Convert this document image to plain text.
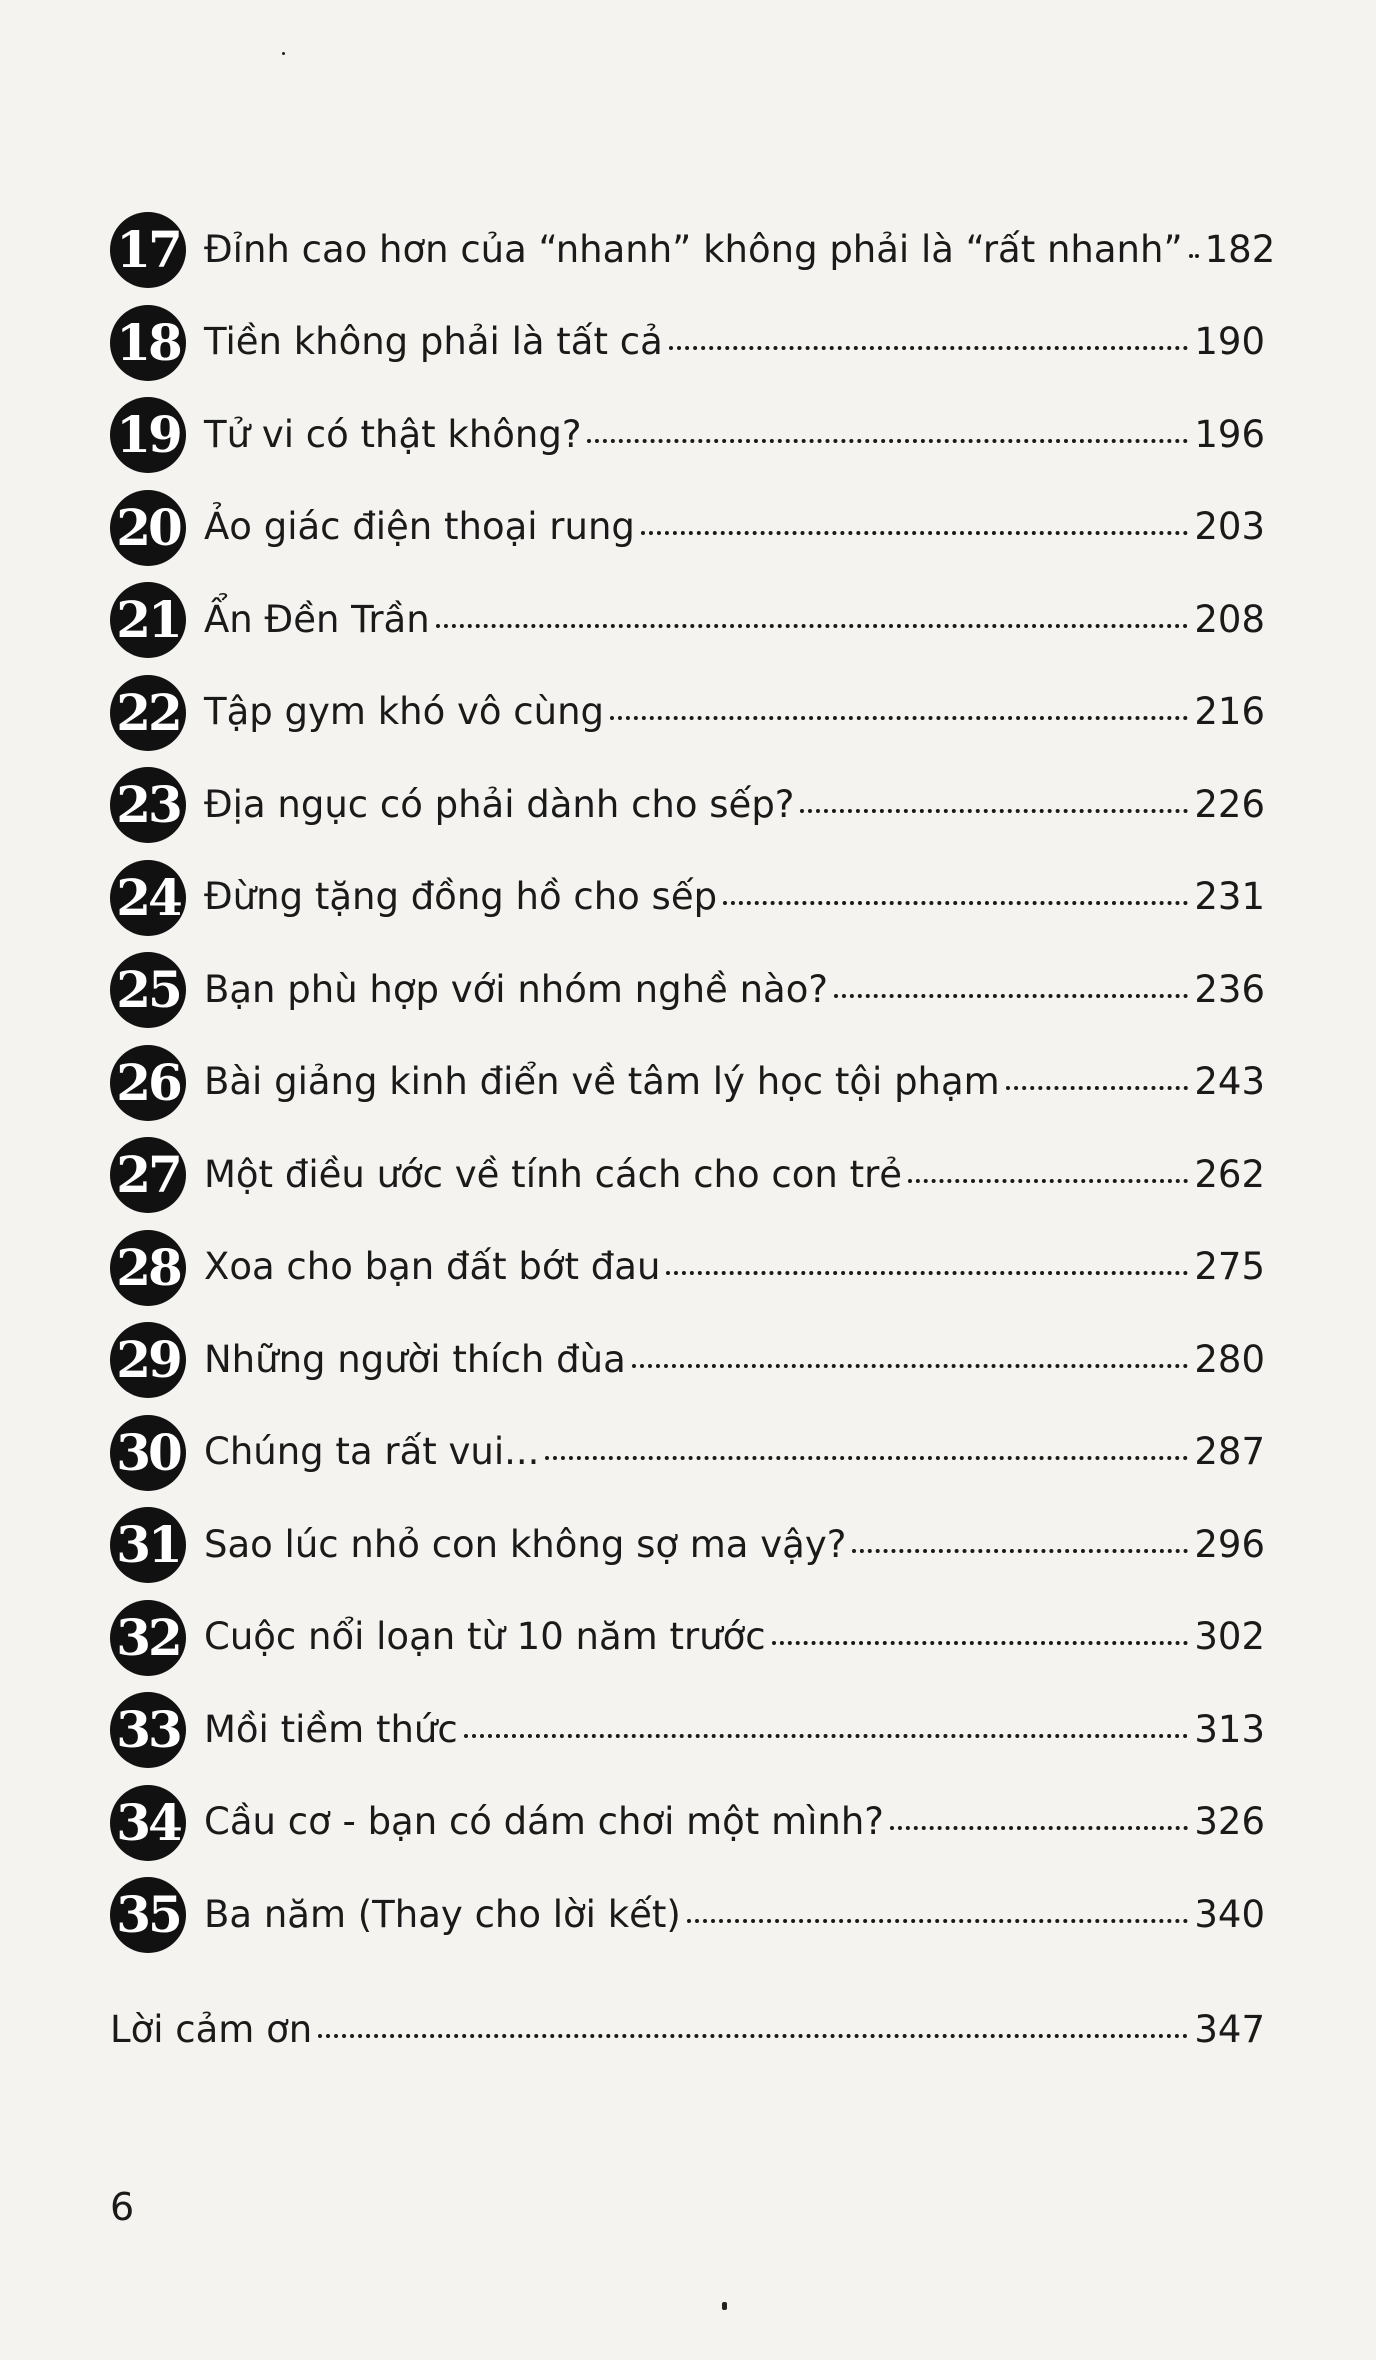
17 Đỉnh cao hơn của “nhanh” không phải là “rất nhanh” 182
18 Tiền không phải là tất cả	190
19 Tử vi có thật không?	196
20 Ảo giác điện thoại rung	203
21 Ẩn Đền Trần	208
22 Tập gym khó vô cùng	216
23 Địa ngục có phải dành cho sếp?	226
24 Đừng tặng đồng hồ cho sếp	231
25 Bạn phù hợp với nhóm nghề nào?	236
26 Bài giảng kinh điển về tâm lý học tội phạm	243
27 Một điều ước về tính cách cho con trẻ	262
28 Xoa cho bạn đất bớt đau	275
29 Những người thích đùa	280
30 Chúng ta rất vui...	287
31 Sao lúc nhỏ con không sợ ma vậy?	296
32 Cuộc nổi loạn từ 10 năm trước	302
33 Mồi tiềm thức	313
34 Cầu cơ - bạn có dám chơi một mình?	326
35 Ba năm (Thay cho lời kết)	340
Lời cảm ơn	347
6
